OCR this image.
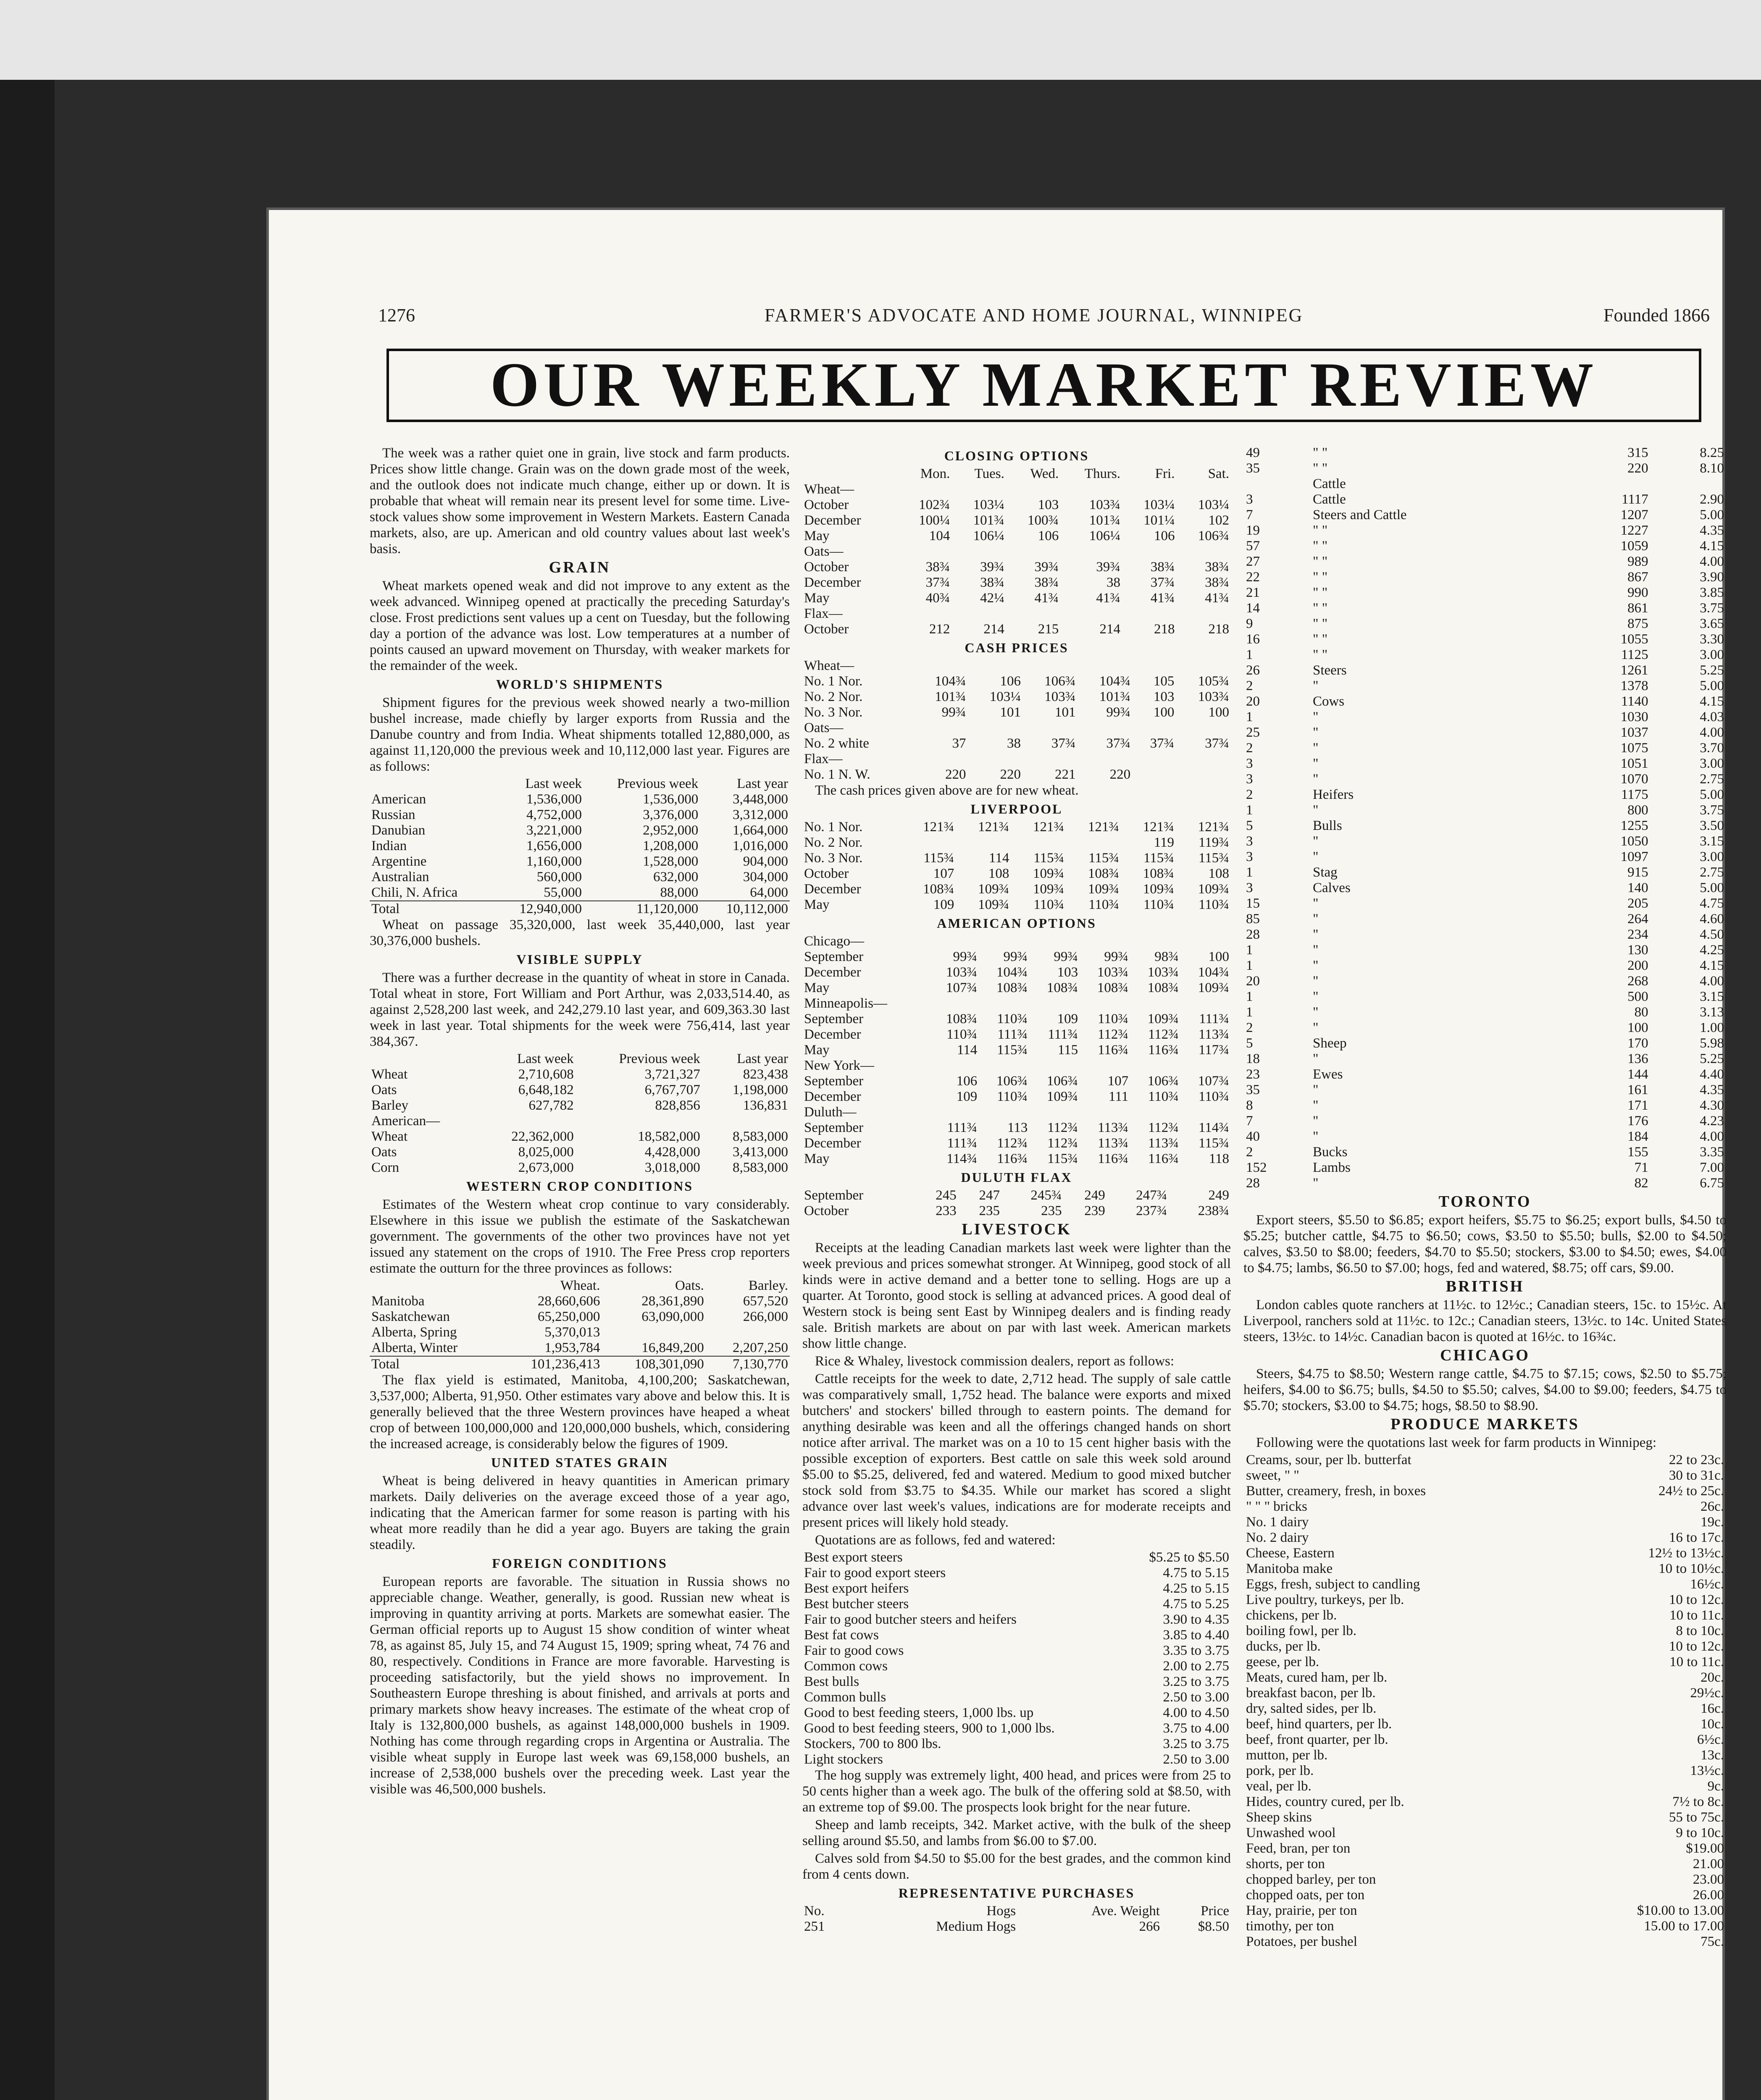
1276	FARMER'S ADVOCATE AND HOME JOURNAL, WINNIPEG	Founded 1866
OUR WEEKLY MARKET REVIEW

The week was a rather quiet one in grain, live stock and farm products. Prices show little change. Grain was on the down grade most of the week, and the outlook does not indicate much change, either up or down. It is probable that wheat will remain near its present level for some time. Live-stock values show some improvement in Western Markets. Eastern Canada markets, also, are up. American and old country values about last week's basis.

GRAIN

Wheat markets opened weak and did not improve to any extent as the week advanced. Winnipeg opened at practically the preceding Saturday's close. Frost predictions sent values up a cent on Tuesday, but the following day a portion of the advance was lost. Low temperatures at a number of points caused an upward movement on Thursday, with weaker markets for the remainder of the week.

WORLD'S SHIPMENTS

Shipment figures for the previous week showed nearly a two-million bushel increase, made chiefly by larger exports from Russia and the Danube country and from India. Wheat shipments totalled 12,880,000, as against 11,120,000 the previous week and 10,112,000 last year. Figures are as follows:

	Last week	Previous week	Last year
American	1,536,000	1,536,000	3,448,000
Russian	4,752,000	3,376,000	3,312,000
Danubian	3,221,000	2,952,000	1,664,000
Indian	1,656,000	1,208,000	1,016,000
Argentine	1,160,000	1,528,000	904,000
Australian	560,000	632,000	304,000
Chili, N. Africa	55,000	88,000	64,000
Total	12,940,000	11,120,000	10,112,000

Wheat on passage 35,320,000, last week 35,440,000, last year 30,376,000 bushels.

VISIBLE SUPPLY

There was a further decrease in the quantity of wheat in store in Canada. Total wheat in store, Fort William and Port Arthur, was 2,033,514.40, as against 2,528,200 last week, and 242,279.10 last year, and 609,363.30 last week in last year. Total shipments for the week were 756,414, last year 384,367.

	Last week	Previous week	Last year
Wheat	2,710,608	3,721,327	823,438
Oats	6,648,182	6,767,707	1,198,000
Barley	627,782	828,856	136,831
American—			
Wheat	22,362,000	18,582,000	8,583,000
Oats	8,025,000	4,428,000	3,413,000
Corn	2,673,000	3,018,000	8,583,000
WESTERN CROP CONDITIONS

Estimates of the Western wheat crop continue to vary considerably. Elsewhere in this issue we publish the estimate of the Saskatchewan government. The governments of the other two provinces have not yet issued any statement on the crops of 1910. The Free Press crop reporters estimate the outturn for the three provinces as follows:

	Wheat.	Oats.	Barley.
Manitoba	28,660,606	28,361,890	657,520
Saskatchewan	65,250,000	63,090,000	266,000
Alberta, Spring	5,370,013		
Alberta, Winter	1,953,784	16,849,200	2,207,250
Total	101,236,413	108,301,090	7,130,770

The flax yield is estimated, Manitoba, 4,100,200; Saskatchewan, 3,537,000; Alberta, 91,950. Other estimates vary above and below this. It is generally believed that the three Western provinces have heaped a wheat crop of between 100,000,000 and 120,000,000 bushels, which, considering the increased acreage, is considerably below the figures of 1909.

UNITED STATES GRAIN

Wheat is being delivered in heavy quantities in American primary markets. Daily deliveries on the average exceed those of a year ago, indicating that the American farmer for some reason is parting with his wheat more readily than he did a year ago. Buyers are taking the grain steadily.

FOREIGN CONDITIONS

European reports are favorable. The situation in Russia shows no appreciable change. Weather, generally, is good. Russian new wheat is improving in quantity arriving at ports. Markets are somewhat easier. The German official reports up to August 15 show condition of winter wheat 78, as against 85, July 15, and 74 August 15, 1909; spring wheat, 74 76 and 80, respectively. Conditions in France are more favorable. Harvesting is proceeding satisfactorily, but the yield shows no improvement. In Southeastern Europe threshing is about finished, and arrivals at ports and primary markets show heavy increases. The estimate of the wheat crop of Italy is 132,800,000 bushels, as against 148,000,000 bushels in 1909. Nothing has come through regarding crops in Argentina or Australia. The visible wheat supply in Europe last week was 69,158,000 bushels, an increase of 2,538,000 bushels over the preceding week. Last year the visible was 46,500,000 bushels.

CLOSING OPTIONS
	Mon.	Tues.	Wed.	Thurs.	Fri.	Sat.
Wheat—						
October	102¾	103¼	103	103¾	103¼	103¼
December	100¼	101¾	100¾	101¾	101¼	102
May	104	106¼	106	106¼	106	106¾
Oats—						
October	38¾	39¾	39¾	39¾	38¾	38¾
December	37¾	38¾	38¾	38	37¾	38¾
May	40¾	42¼	41¾	41¾	41¾	41¾
Flax—						
October	212	214	215	214	218	218
CASH PRICES
Wheat—						
No. 1 Nor.	104¾	106	106¾	104¾	105	105¾
No. 2 Nor.	101¾	103¼	103¾	101¾	103	103¾
No. 3 Nor.	99¾	101	101	99¾	100	100
Oats—						
No. 2 white	37	38	37¾	37¾	37¾	37¾
Flax—						
No. 1 N. W.	220	220	221	220		

The cash prices given above are for new wheat.

LIVERPOOL
No. 1 Nor.	121¾	121¾	121¾	121¾	121¾	121¾
No. 2 Nor.					119	119¾
No. 3 Nor.	115¾	114	115¾	115¾	115¾	115¾
October	107	108	109¾	108¾	108¾	108
December	108¾	109¾	109¾	109¾	109¾	109¾
May	109	109¾	110¾	110¾	110¾	110¾
AMERICAN OPTIONS
Chicago—						
September	99¾	99¾	99¾	99¾	98¾	100
December	103¾	104¾	103	103¾	103¾	104¾
May	107¾	108¾	108¾	108¾	108¾	109¾
Minneapolis—						
September	108¾	110¾	109	110¾	109¾	111¾
December	110¾	111¾	111¾	112¾	112¾	113¾
May	114	115¾	115	116¾	116¾	117¾
New York—						
September	106	106¾	106¾	107	106¾	107¾
December	109	110¾	109¾	111	110¾	110¾
Duluth—						
September	111¾	113	112¾	113¾	112¾	114¾
December	111¾	112¾	112¾	113¾	113¾	115¾
May	114¾	116¾	115¾	116¾	116¾	118
DULUTH FLAX
September	245	247	245¾	249	247¾	249
October	233	235	235	239	237¾	238¾
LIVESTOCK

Receipts at the leading Canadian markets last week were lighter than the week previous and prices somewhat stronger. At Winnipeg, good stock of all kinds were in active demand and a better tone to selling. Hogs are up a quarter. At Toronto, good stock is selling at advanced prices. A good deal of Western stock is being sent East by Winnipeg dealers and is finding ready sale. British markets are about on par with last week. American markets show little change.

Rice & Whaley, livestock commission dealers, report as follows:

Cattle receipts for the week to date, 2,712 head. The supply of sale cattle was comparatively small, 1,752 head. The balance were exports and mixed butchers' and stockers' billed through to eastern points. The demand for anything desirable was keen and all the offerings changed hands on short notice after arrival. The market was on a 10 to 15 cent higher basis with the possible exception of exporters. Best cattle on sale this week sold around $5.00 to $5.25, delivered, fed and watered. Medium to good mixed butcher stock sold from $3.75 to $4.35. While our market has scored a slight advance over last week's values, indications are for moderate receipts and present prices will likely hold steady.

Quotations are as follows, fed and watered:

Best export steers	$5.25 to $5.50
Fair to good export steers	4.75 to 5.15
Best export heifers	4.25 to 5.15
Best butcher steers	4.75 to 5.25
Fair to good butcher steers and heifers	3.90 to 4.35
Best fat cows	3.85 to 4.40
Fair to good cows	3.35 to 3.75
Common cows	2.00 to 2.75
Best bulls	3.25 to 3.75
Common bulls	2.50 to 3.00
Good to best feeding steers, 1,000 lbs. up	4.00 to 4.50
Good to best feeding steers, 900 to 1,000 lbs.	3.75 to 4.00
Stockers, 700 to 800 lbs.	3.25 to 3.75
Light stockers	2.50 to 3.00

The hog supply was extremely light, 400 head, and prices were from 25 to 50 cents higher than a week ago. The bulk of the offering sold at $8.50, with an extreme top of $9.00. The prospects look bright for the near future.

Sheep and lamb receipts, 342. Market active, with the bulk of the sheep selling around $5.50, and lambs from $6.00 to $7.00.

Calves sold from $4.50 to $5.00 for the best grades, and the common kind from 4 cents down.

REPRESENTATIVE PURCHASES
No.	Hogs	Ave. Weight	Price
251	Medium Hogs	266	$8.50
49	" "	315	8.25
35	" "	220	8.10
	Cattle		
3	Cattle	1117	2.90
7	Steers and Cattle	1207	5.00
19	" "	1227	4.35
57	" "	1059	4.15
27	" "	989	4.00
22	" "	867	3.90
21	" "	990	3.85
14	" "	861	3.75
9	" "	875	3.65
16	" "	1055	3.30
1	" "	1125	3.00
26	Steers	1261	5.25
2	"	1378	5.00
20	Cows	1140	4.15
1	"	1030	4.03
25	"	1037	4.00
2	"	1075	3.70
3	"	1051	3.00
3	"	1070	2.75
2	Heifers	1175	5.00
1	"	800	3.75
5	Bulls	1255	3.50
3	"	1050	3.15
3	"	1097	3.00
1	Stag	915	2.75
3	Calves	140	5.00
15	"	205	4.75
85	"	264	4.60
28	"	234	4.50
1	"	130	4.25
1	"	200	4.15
20	"	268	4.00
1	"	500	3.15
1	"	80	3.13
2	"	100	1.00
5	Sheep	170	5.98
18	"	136	5.25
23	Ewes	144	4.40
35	"	161	4.35
8	"	171	4.30
7	"	176	4.23
40	"	184	4.00
2	Bucks	155	3.35
152	Lambs	71	7.00
28	"	82	6.75
TORONTO

Export steers, $5.50 to $6.85; export heifers, $5.75 to $6.25; export bulls, $4.50 to $5.25; butcher cattle, $4.75 to $6.50; cows, $3.50 to $5.50; bulls, $2.00 to $4.50; calves, $3.50 to $8.00; feeders, $4.70 to $5.50; stockers, $3.00 to $4.50; ewes, $4.00 to $4.75; lambs, $6.50 to $7.00; hogs, fed and watered, $8.75; off cars, $9.00.

BRITISH

London cables quote ranchers at 11½c. to 12½c.; Canadian steers, 15c. to 15½c. At Liverpool, ranchers sold at 11½c. to 12c.; Canadian steers, 13½c. to 14c. United States steers, 13½c. to 14½c. Canadian bacon is quoted at 16½c. to 16¾c.

CHICAGO

Steers, $4.75 to $8.50; Western range cattle, $4.75 to $7.15; cows, $2.50 to $5.75; heifers, $4.00 to $6.75; bulls, $4.50 to $5.50; calves, $4.00 to $9.00; feeders, $4.75 to $5.70; stockers, $3.00 to $4.75; hogs, $8.50 to $8.90.

PRODUCE MARKETS

Following were the quotations last week for farm products in Winnipeg:

Creams, sour, per lb. butterfat	22 to 23c.
sweet, " "	30 to 31c.
Butter, creamery, fresh, in boxes	24½ to 25c.
" " " bricks	26c.
No. 1 dairy	19c.
No. 2 dairy	16 to 17c.
Cheese, Eastern	12½ to 13½c.
Manitoba make	10 to 10½c.
Eggs, fresh, subject to candling	16½c.
Live poultry, turkeys, per lb.	10 to 12c.
chickens, per lb.	10 to 11c.
boiling fowl, per lb.	8 to 10c.
ducks, per lb.	10 to 12c.
geese, per lb.	10 to 11c.
Meats, cured ham, per lb.	20c.
breakfast bacon, per lb.	29½c.
dry, salted sides, per lb.	16c.
beef, hind quarters, per lb.	10c.
beef, front quarter, per lb.	6½c.
mutton, per lb.	13c.
pork, per lb.	13½c.
veal, per lb.	9c.
Hides, country cured, per lb.	7½ to 8c.
Sheep skins	55 to 75c.
Unwashed wool	9 to 10c.
Feed, bran, per ton	$19.00
shorts, per ton	21.00
chopped barley, per ton	23.00
chopped oats, per ton	26.00
Hay, prairie, per ton	$10.00 to 13.00
timothy, per ton	15.00 to 17.00
Potatoes, per bushel	75c.
